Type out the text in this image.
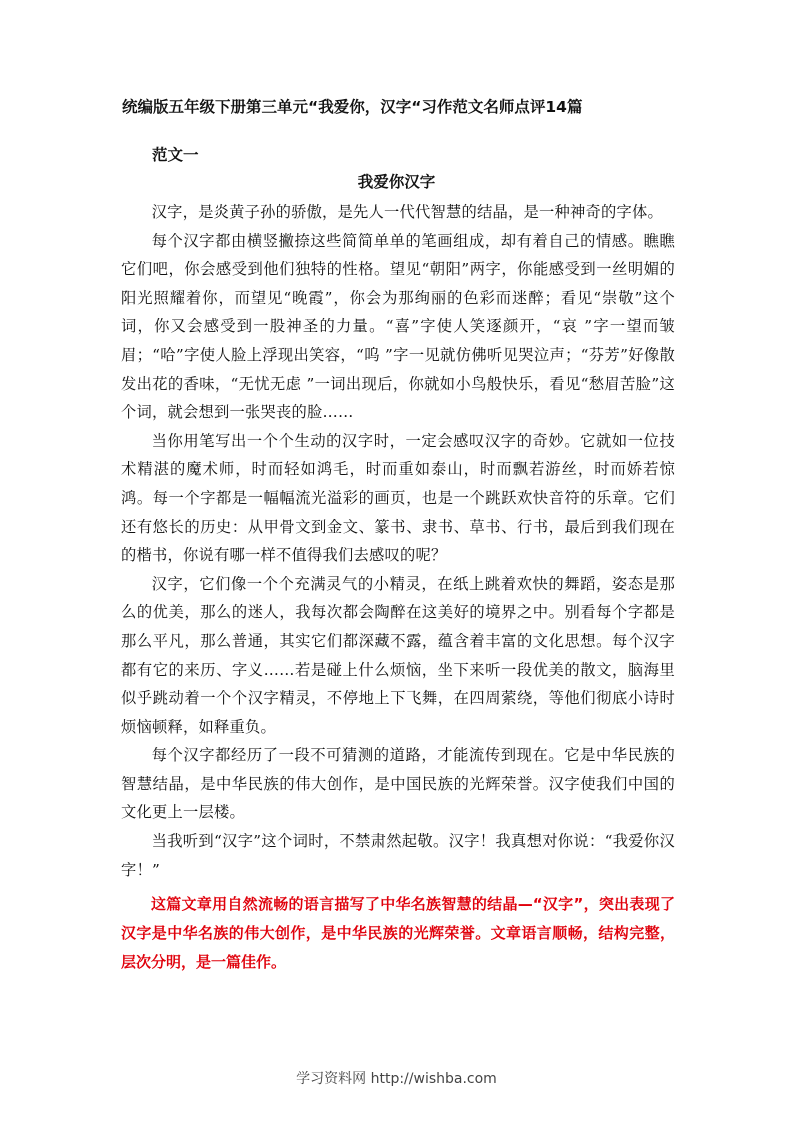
统编版五年级下册第三单元“我爱你，汉字“习作范文名师点评14篇
范文一
我爱你汉字

汉字，是炎黄子孙的骄傲，是先人一代代智慧的结晶，是一种神奇的字体。

每个汉字都由横竖撇捺这些简简单单的笔画组成，却有着自己的情感。瞧瞧它们吧，你会感受到他们独特的性格。望见“朝阳”两字，你能感受到一丝明媚的阳光照耀着你，而望见“晚霞”，你会为那绚丽的色彩而迷醉；看见“崇敬”这个词，你又会感受到一股神圣的力量。“喜”字使人笑逐颜开，“哀 ”字一望而皱眉；“哈”字使人脸上浮现出笑容，“呜 ”字一见就仿佛听见哭泣声；“芬芳”好像散发出花的香味，“无忧无虑 ”一词出现后，你就如小鸟般快乐，看见“愁眉苦脸”这个词，就会想到一张哭丧的脸……

当你用笔写出一个个生动的汉字时，一定会感叹汉字的奇妙。它就如一位技术精湛的魔术师，时而轻如鸿毛，时而重如泰山，时而飘若游丝，时而娇若惊鸿。每一个字都是一幅幅流光溢彩的画页，也是一个跳跃欢快音符的乐章。它们还有悠长的历史：从甲骨文到金文、篆书、隶书、草书、行书，最后到我们现在的楷书，你说有哪一样不值得我们去感叹的呢？

汉字，它们像一个个充满灵气的小精灵，在纸上跳着欢快的舞蹈，姿态是那么的优美，那么的迷人，我每次都会陶醉在这美好的境界之中。别看每个字都是那么平凡，那么普通，其实它们都深藏不露，蕴含着丰富的文化思想。每个汉字都有它的来历、字义……若是碰上什么烦恼，坐下来听一段优美的散文，脑海里似乎跳动着一个个汉字精灵，不停地上下飞舞，在四周萦绕，等他们彻底小诗时烦恼顿释，如释重负。

每个汉字都经历了一段不可猜测的道路，才能流传到现在。它是中华民族的智慧结晶，是中华民族的伟大创作，是中国民族的光辉荣誉。汉字使我们中国的文化更上一层楼。

当我听到“汉字”这个词时，不禁肃然起敬。汉字！我真想对你说：“我爱你汉字！”

这篇文章用自然流畅的语言描写了中华名族智慧的结晶—“汉字”，突出表现了汉字是中华名族的伟大创作，是中华民族的光辉荣誉。文章语言顺畅，结构完整，层次分明，是一篇佳作。

学习资料网 http://wishba.com
